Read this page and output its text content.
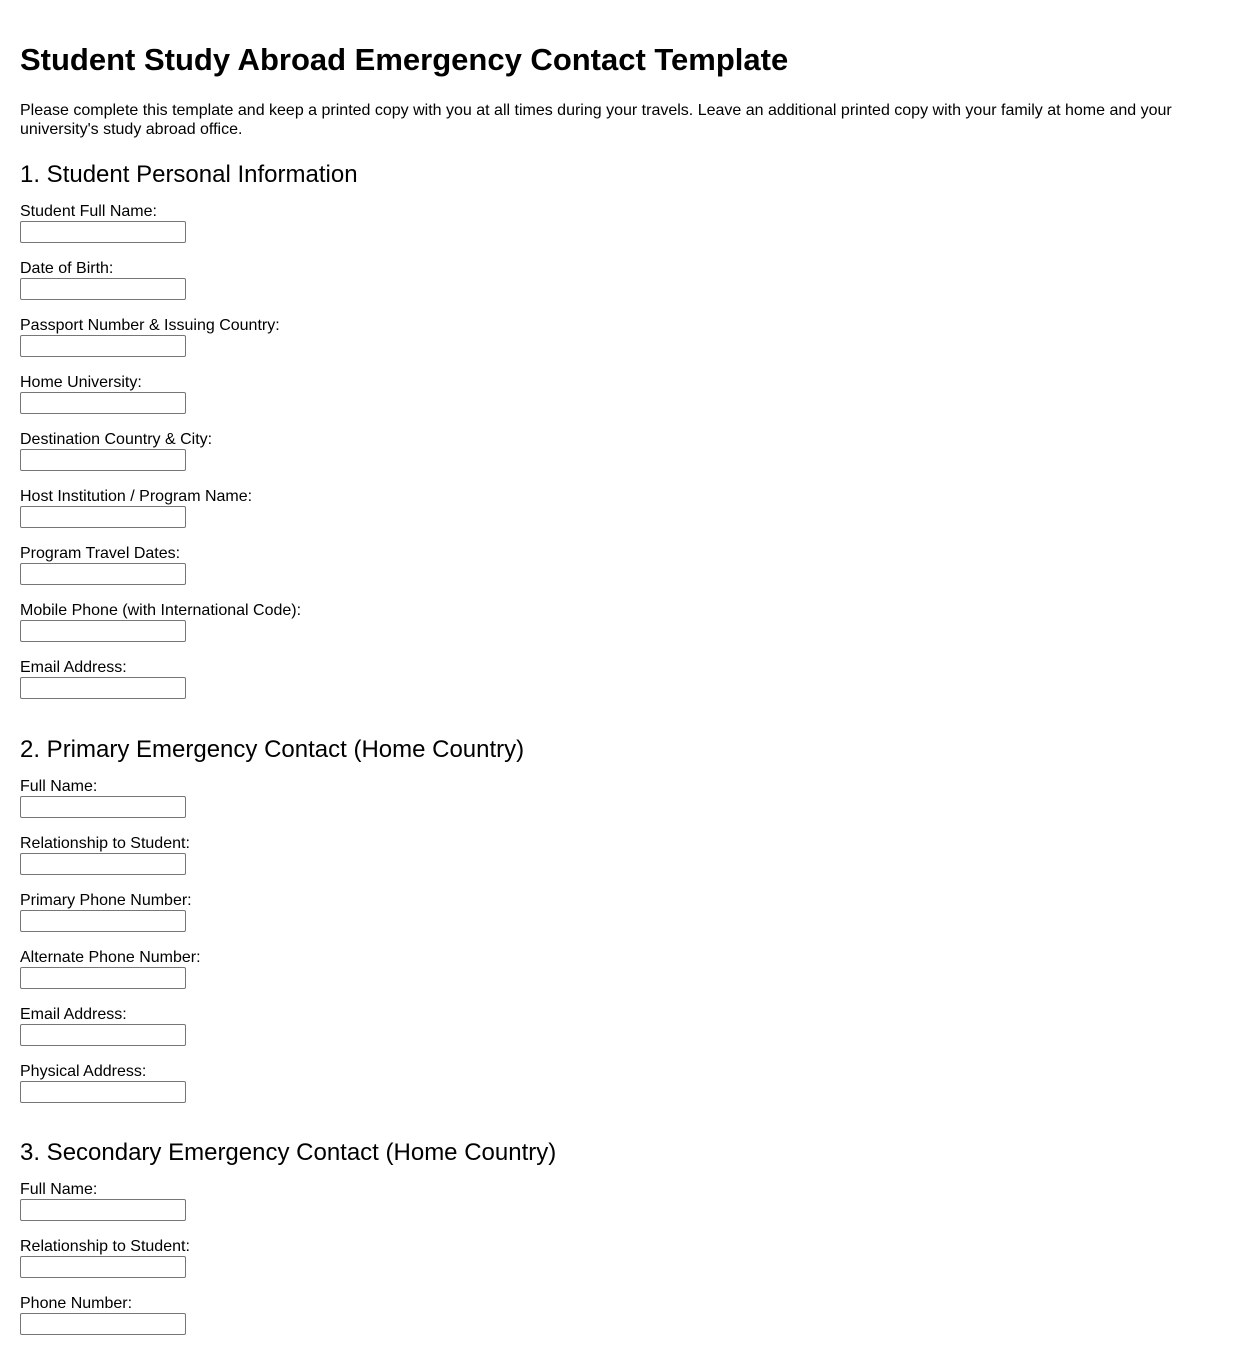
Student Study Abroad Emergency Contact Template

Please complete this template and keep a printed copy with you at all times during your travels. Leave an additional printed copy with your family at home and your university's study abroad office.

1. Student Personal Information
Student Full Name:
Date of Birth:
Passport Number & Issuing Country:
Home University:
Destination Country & City:
Host Institution / Program Name:
Program Travel Dates:
Mobile Phone (with International Code):
Email Address:
2. Primary Emergency Contact (Home Country)
Full Name:
Relationship to Student:
Primary Phone Number:
Alternate Phone Number:
Email Address:
Physical Address:
3. Secondary Emergency Contact (Home Country)
Full Name:
Relationship to Student:
Phone Number:
